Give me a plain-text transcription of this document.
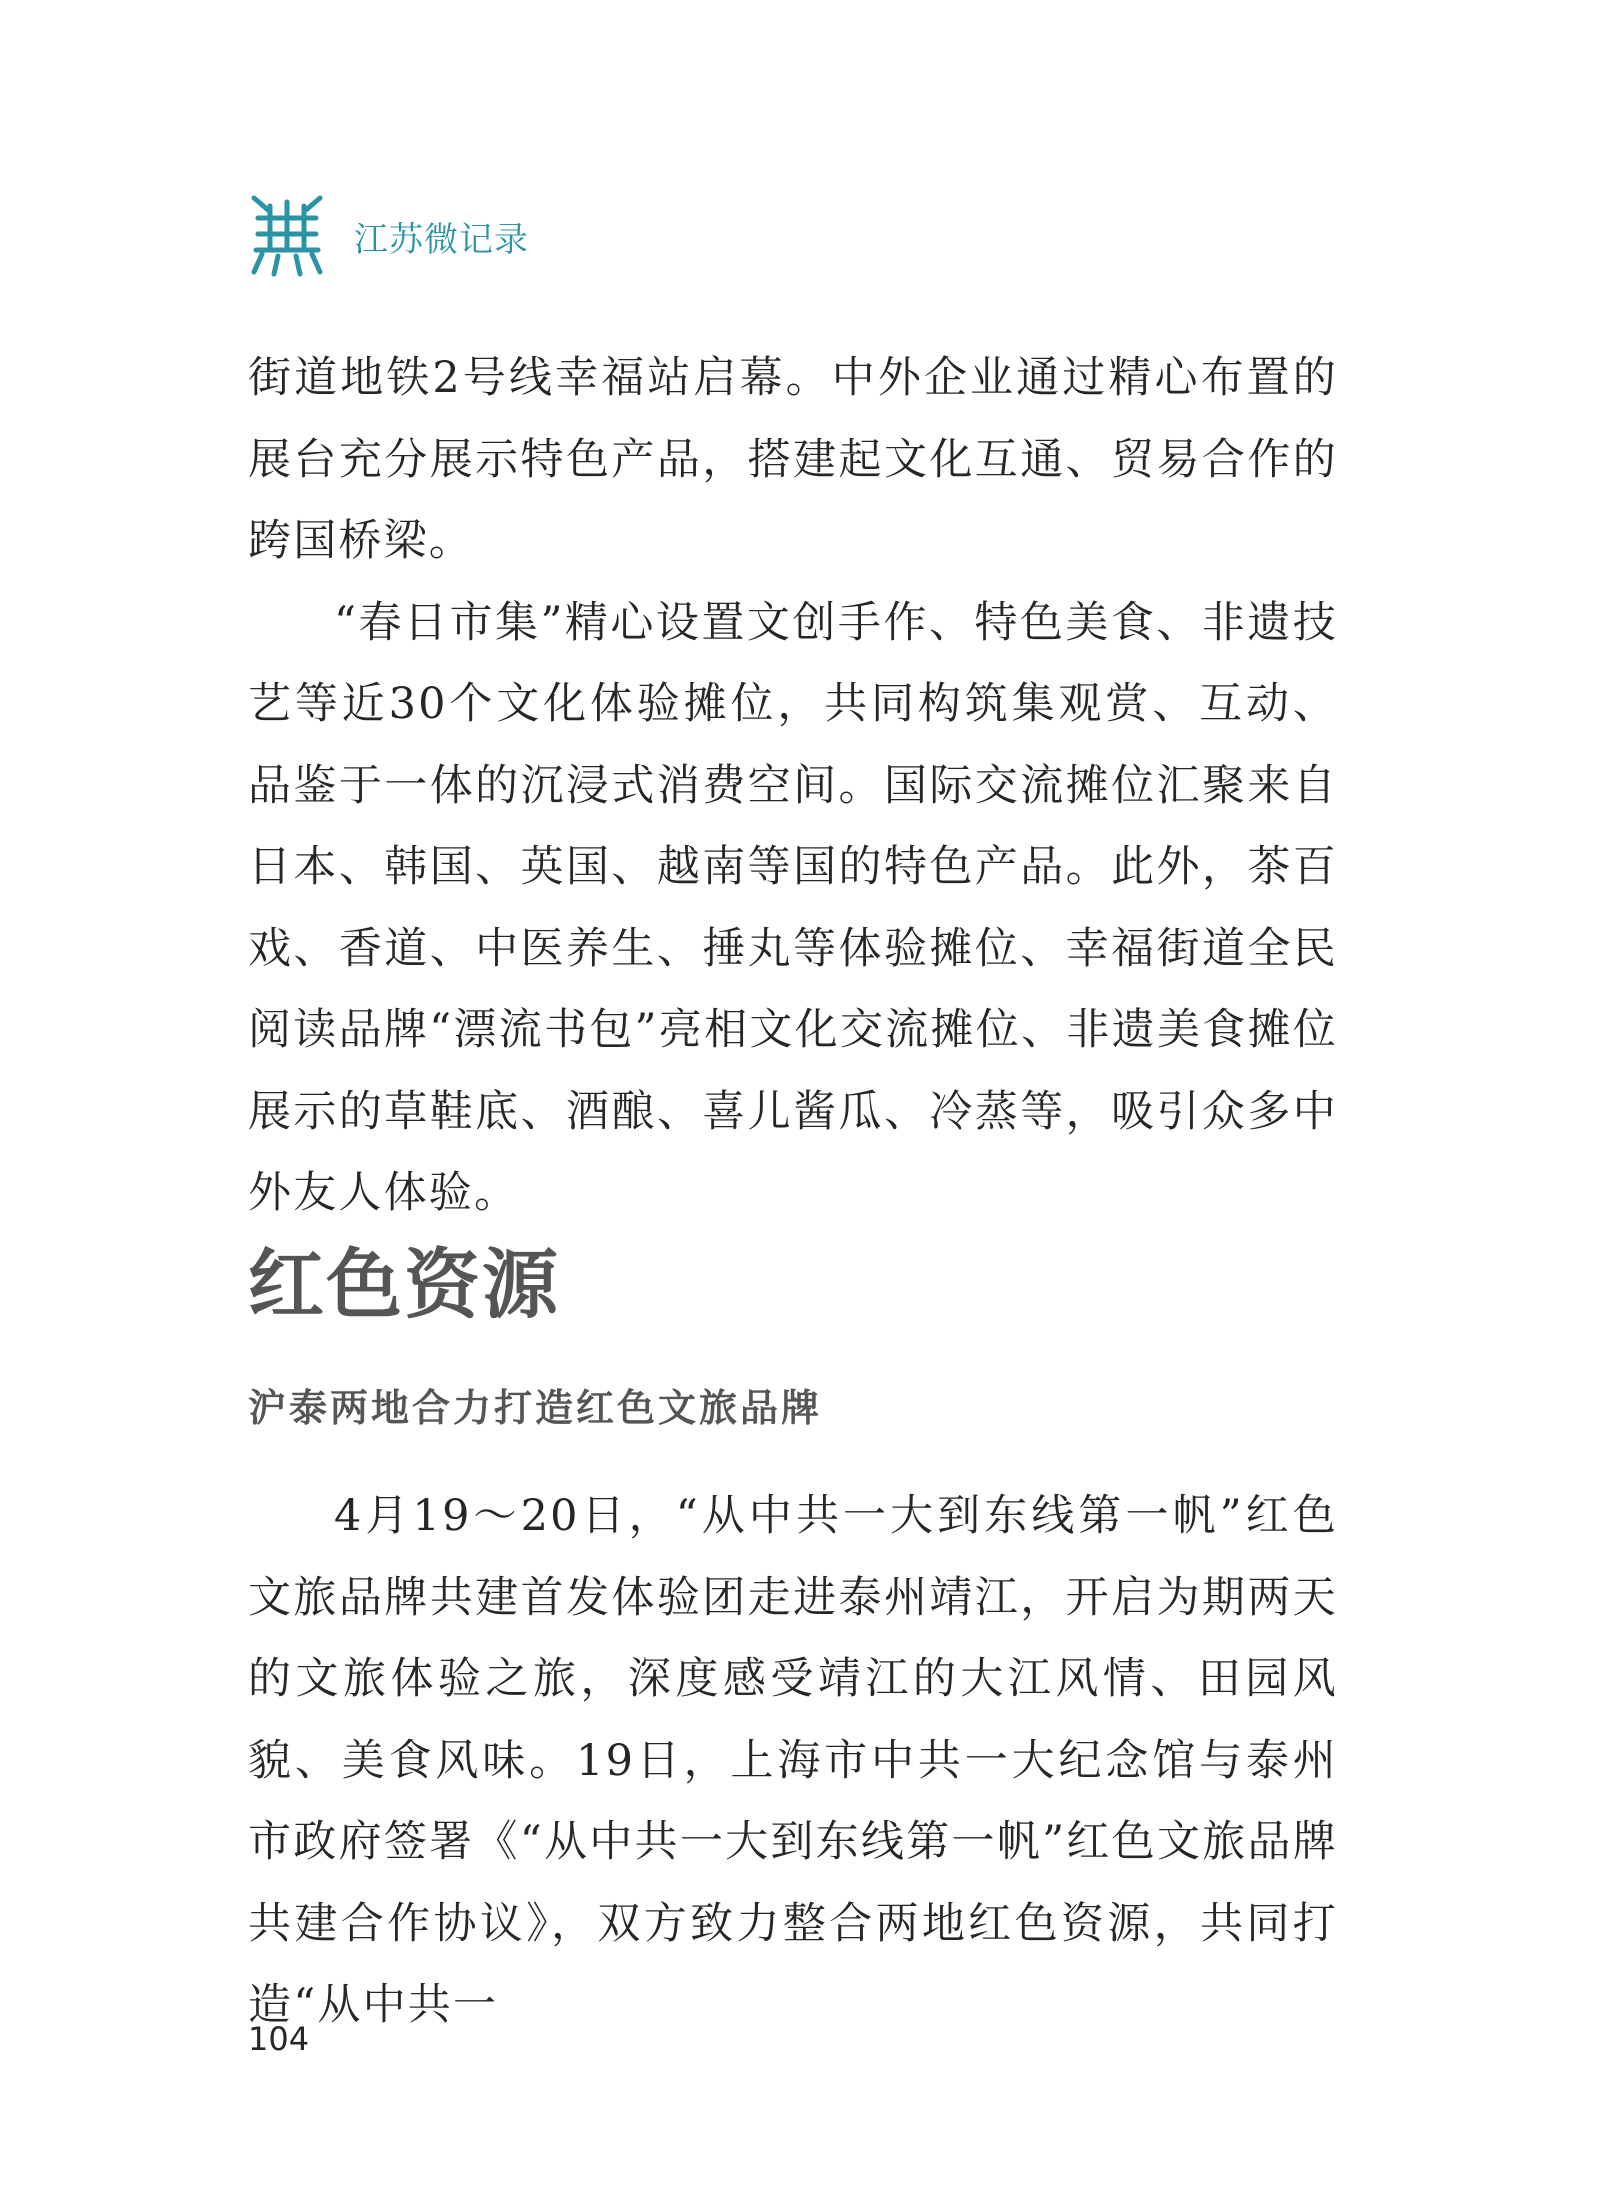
江苏微记录

街道地铁2号线幸福站启幕。中外企业通过精心布置的展台充分展示特色产品，搭建起文化互通、贸易合作的跨国桥梁。

“春日市集”精心设置文创手作、特色美食、非遗技艺等近30个文化体验摊位，共同构筑集观赏、互动、品鉴于一体的沉浸式消费空间。国际交流摊位汇聚来自日本、韩国、英国、越南等国的特色产品。此外，茶百戏、香道、中医养生、捶丸等体验摊位、幸福街道全民阅读品牌“漂流书包”亮相文化交流摊位、非遗美食摊位展示的草鞋底、酒酿、喜儿酱瓜、冷蒸等，吸引众多中外友人体验。

红色资源
沪泰两地合力打造红色文旅品牌

4月19～20日，“从中共一大到东线第一帆”红色文旅品牌共建首发体验团走进泰州靖江，开启为期两天的文旅体验之旅，深度感受靖江的大江风情、田园风貌、美食风味。19日，上海市中共一大纪念馆与泰州市政府签署《“从中共一大到东线第一帆”红色文旅品牌共建合作协议》，双方致力整合两地红色资源，共同打造“从中共一

104
